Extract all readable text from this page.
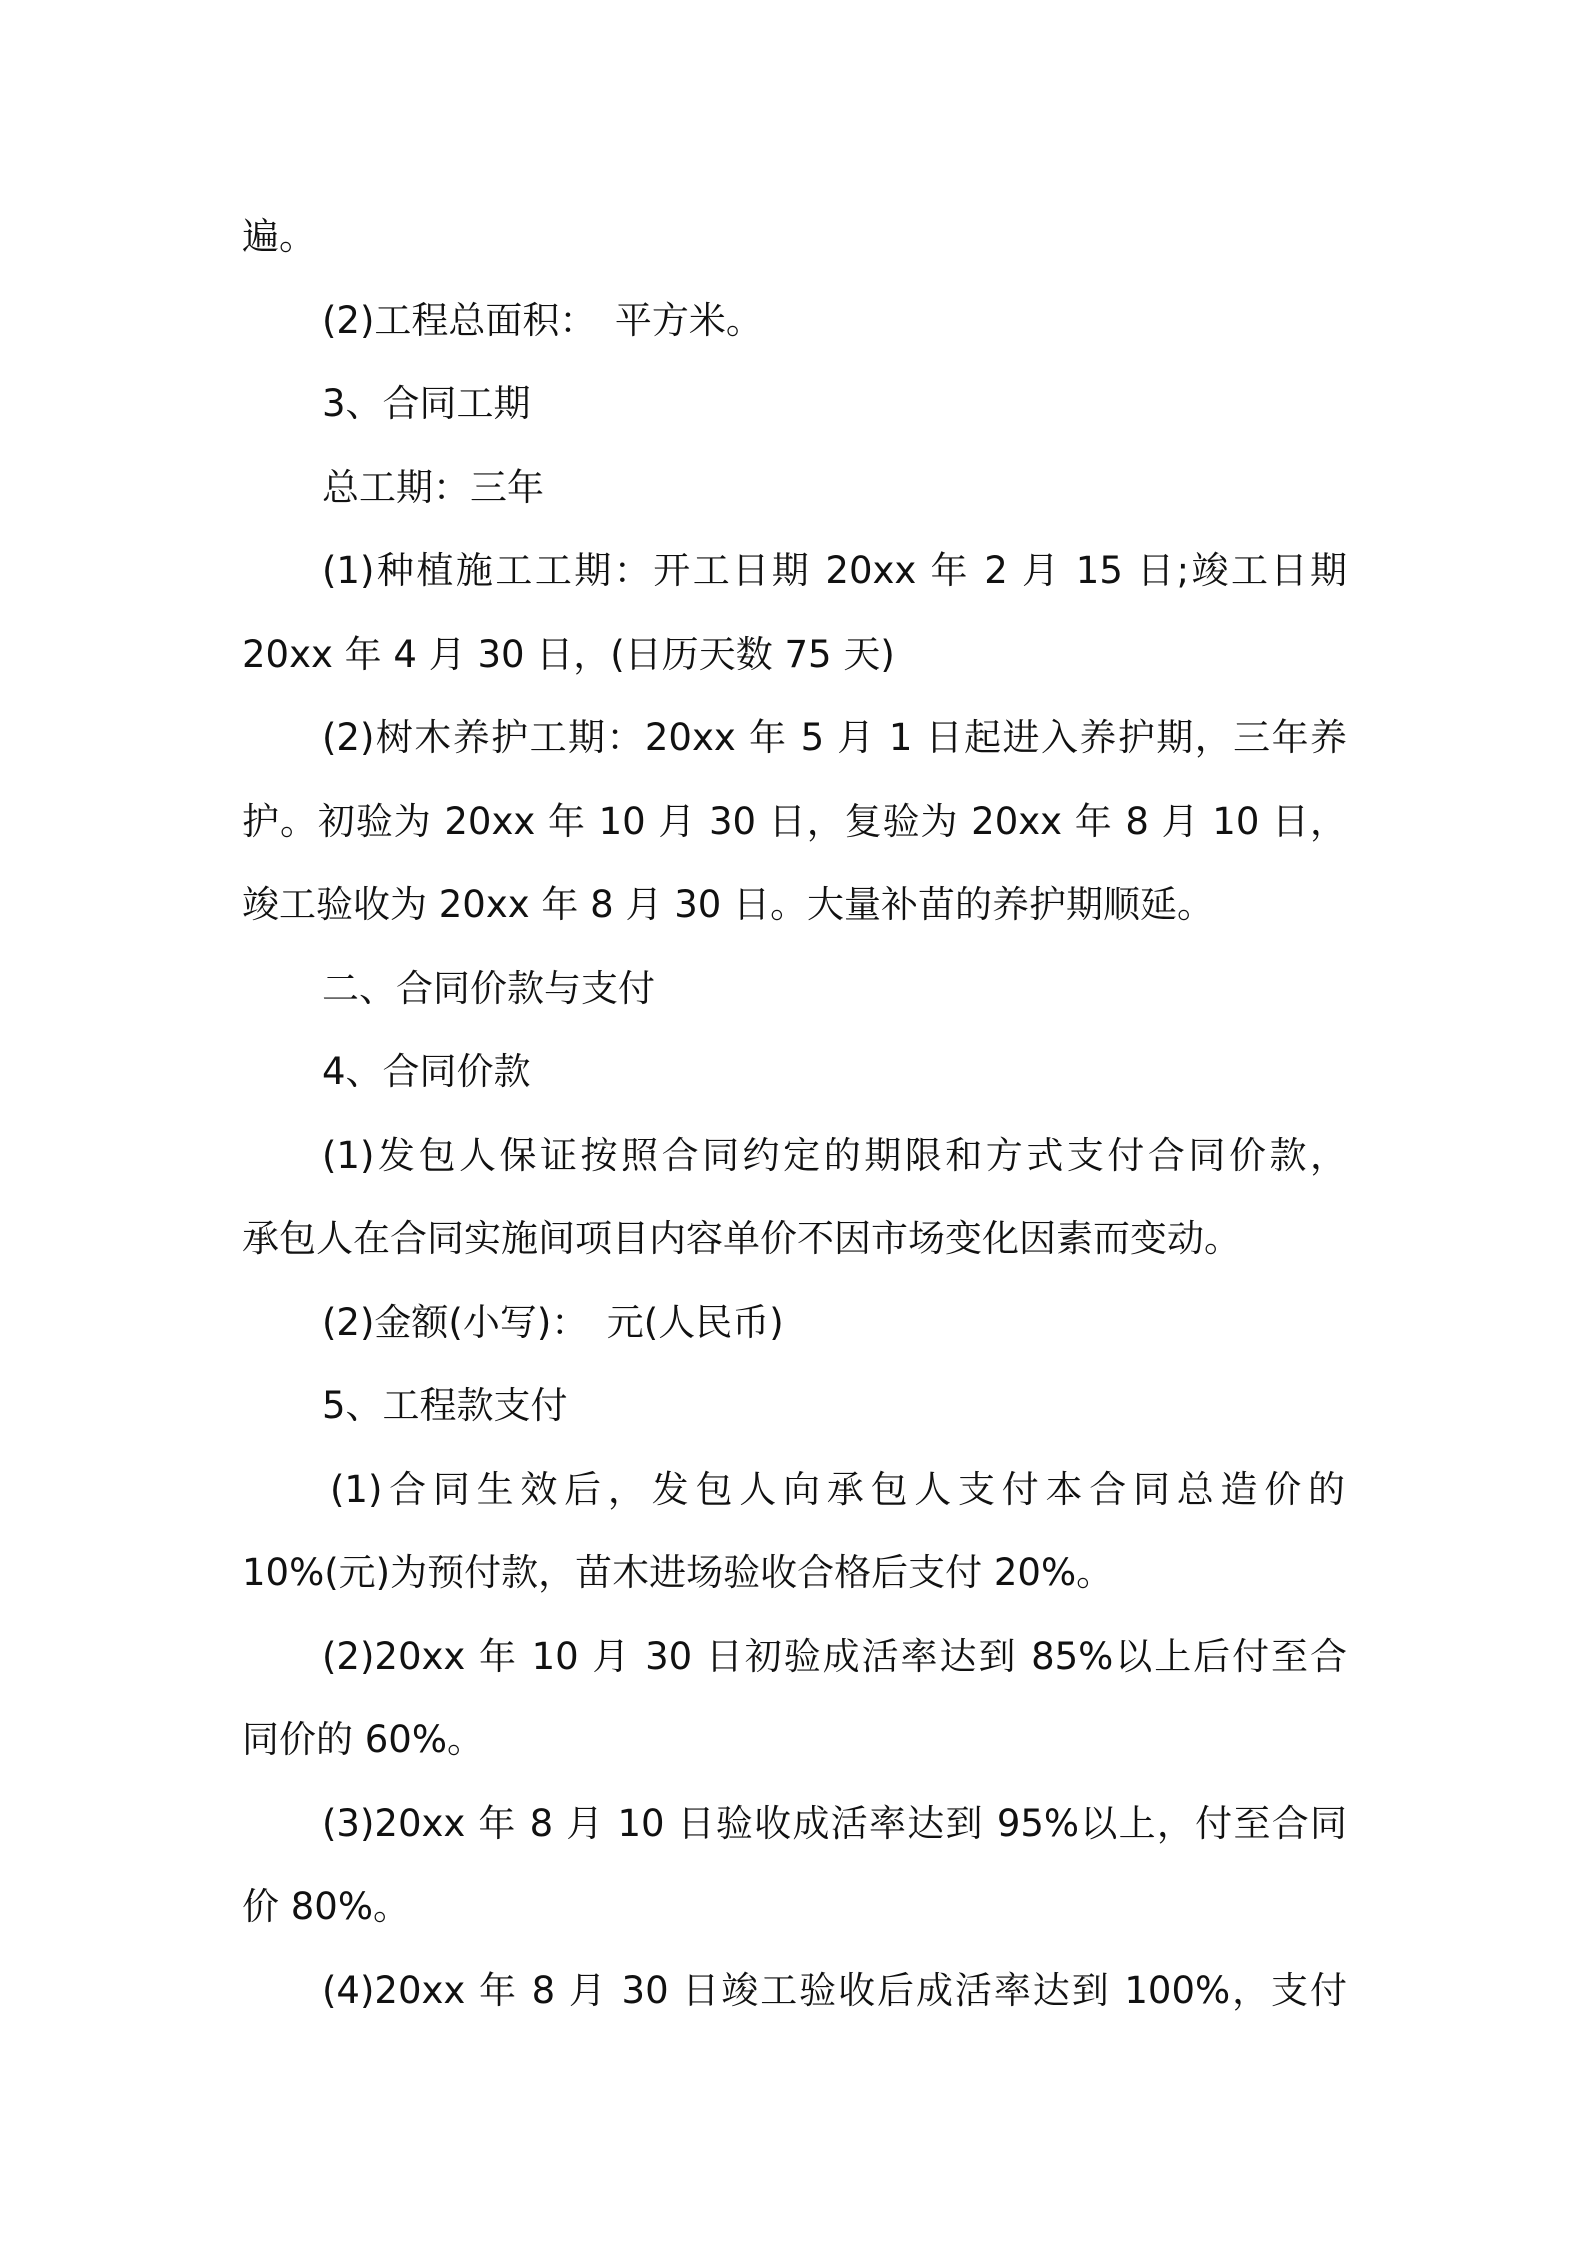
遍。
(2)工程总面积：　平方米。
3、合同工期
总工期：三年
(1)种植施工工期：开工日期 20xx 年 2 月 15 日;竣工日期
20xx 年 4 月 30 日，(日历天数 75 天)
(2)树木养护工期：20xx 年 5 月 1 日起进入养护期，三年养
护。初验为 20xx 年 10 月 30 日，复验为 20xx 年 8 月 10 日，
竣工验收为 20xx 年 8 月 30 日。大量补苗的养护期顺延。
二、合同价款与支付
4、合同价款
(1)发包人保证按照合同约定的期限和方式支付合同价款，
承包人在合同实施间项目内容单价不因市场变化因素而变动。
(2)金额(小写)：　元(人民币)
5、工程款支付
(1)合同生效后，发包人向承包人支付本合同总造价的
10%(元)为预付款，苗木进场验收合格后支付 20%。
(2)20xx 年 10 月 30 日初验成活率达到 85%以上后付至合
同价的 60%。
(3)20xx 年 8 月 10 日验收成活率达到 95%以上，付至合同
价 80%。
(4)20xx 年 8 月 30 日竣工验收后成活率达到 100%，支付
